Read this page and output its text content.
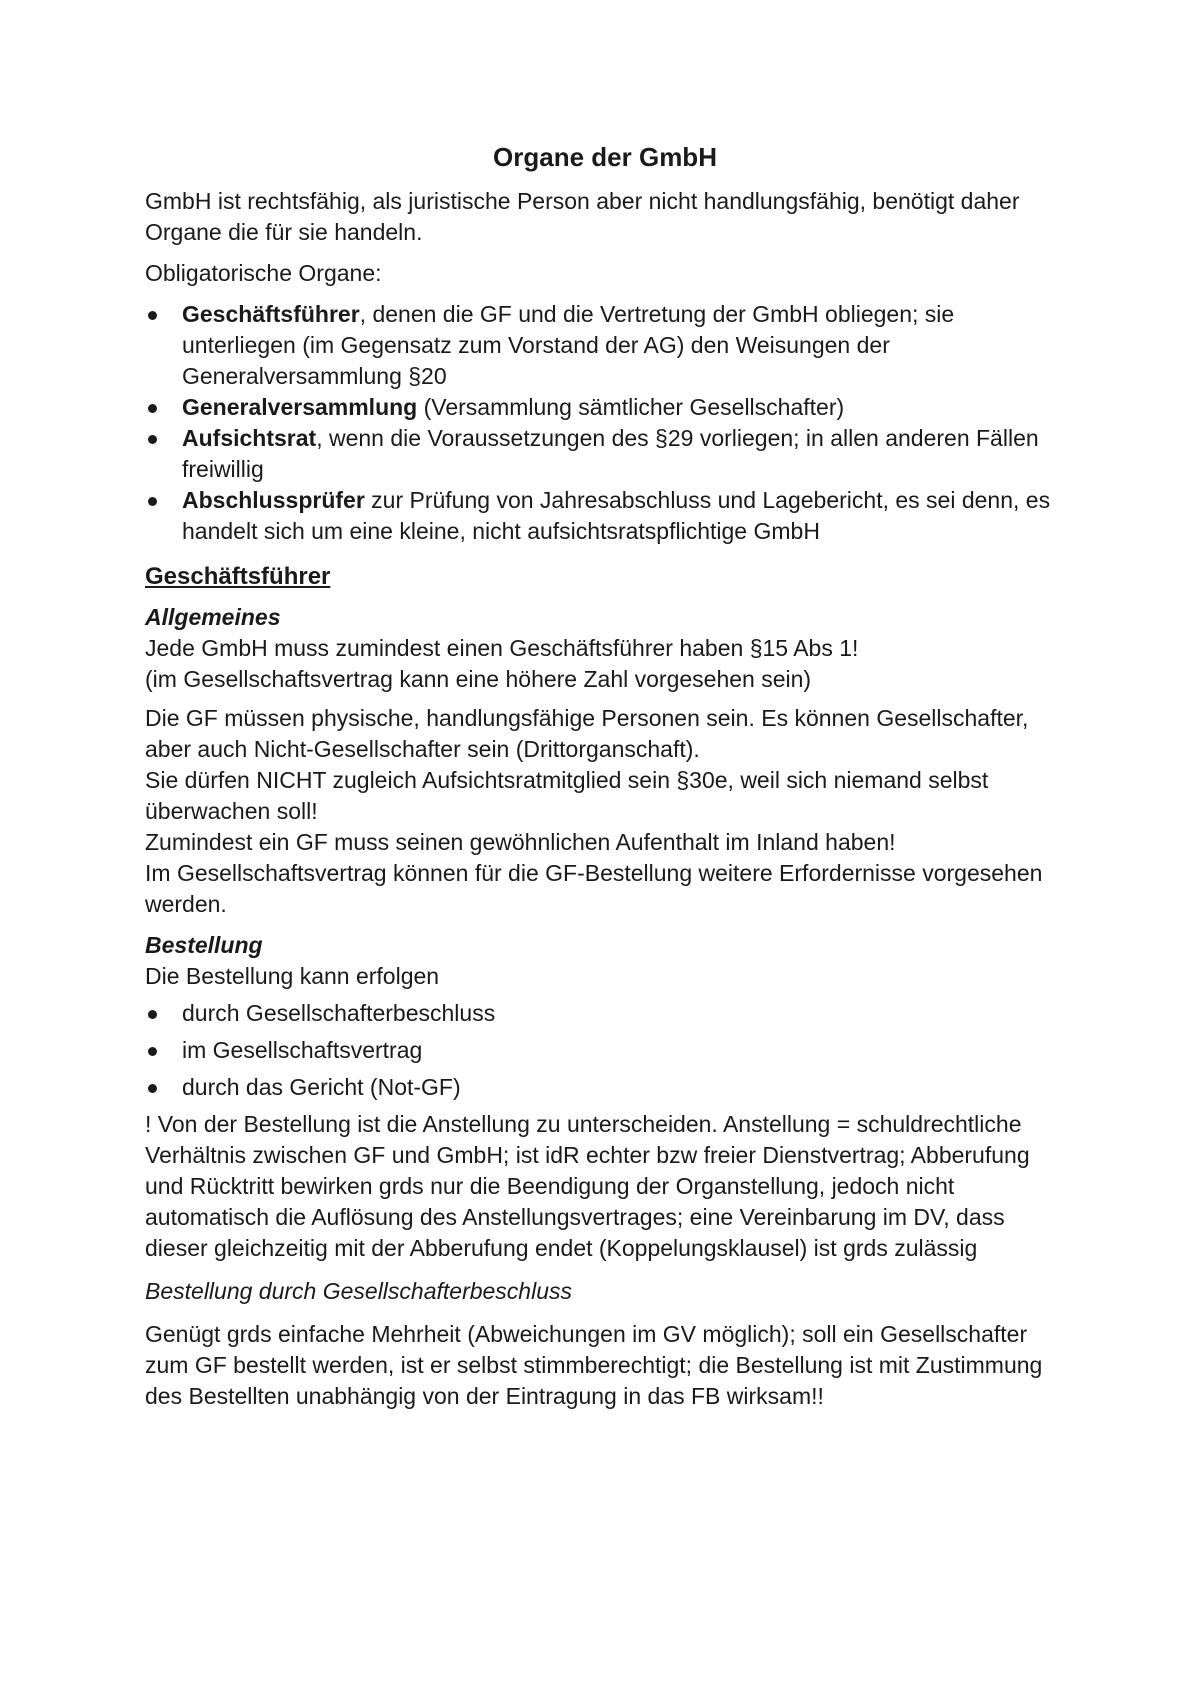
Organe der GmbH

GmbH ist rechtsfähig, als juristische Person aber nicht handlungsfähig, benötigt daher Organe die für sie handeln.

Obligatorische Organe:

Geschäftsführer, denen die GF und die Vertretung der GmbH obliegen; sie unterliegen (im Gegensatz zum Vorstand der AG) den Weisungen der Generalversammlung §20
Generalversammlung (Versammlung sämtlicher Gesellschafter)
Aufsichtsrat, wenn die Voraussetzungen des §29 vorliegen; in allen anderen Fällen freiwillig
Abschlussprüfer zur Prüfung von Jahresabschluss und Lagebericht, es sei denn, es handelt sich um eine kleine, nicht aufsichtsratspflichtige GmbH
Geschäftsführer
Allgemeines

Jede GmbH muss zumindest einen Geschäftsführer haben §15 Abs 1!

(im Gesellschaftsvertrag kann eine höhere Zahl vorgesehen sein)

Die GF müssen physische, handlungsfähige Personen sein. Es können Gesellschafter, aber auch Nicht-Gesellschafter sein (Drittorganschaft).

Sie dürfen NICHT zugleich Aufsichtsratmitglied sein §30e, weil sich niemand selbst überwachen soll!

Zumindest ein GF muss seinen gewöhnlichen Aufenthalt im Inland haben!

Im Gesellschaftsvertrag können für die GF-Bestellung weitere Erfordernisse vorgesehen werden.

Bestellung

Die Bestellung kann erfolgen

durch Gesellschafterbeschluss
im Gesellschaftsvertrag
durch das Gericht (Not-GF)

! Von der Bestellung ist die Anstellung zu unterscheiden. Anstellung = schuldrechtliche Verhältnis zwischen GF und GmbH; ist idR echter bzw freier Dienstvertrag; Abberufung und Rücktritt bewirken grds nur die Beendigung der Organstellung, jedoch nicht automatisch die Auflösung des Anstellungsvertrages; eine Vereinbarung im DV, dass dieser gleichzeitig mit der Abberufung endet (Koppelungsklausel) ist grds zulässig

Bestellung durch Gesellschafterbeschluss

Genügt grds einfache Mehrheit (Abweichungen im GV möglich); soll ein Gesellschafter zum GF bestellt werden, ist er selbst stimmberechtigt; die Bestellung ist mit Zustimmung des Bestellten unabhängig von der Eintragung in das FB wirksam!!
